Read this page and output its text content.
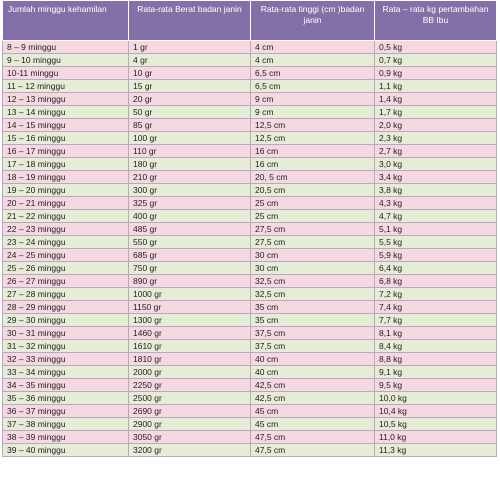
Jumlah minggu kehamilan	Rata-rata Berat badan janin	Rata-rata tinggi (cm )badan janin	Rata – rata kg pertambahan BB Ibu
8 – 9 minggu	1 gr	4 cm	0,5 kg
9 – 10 minggu	4 gr	4 cm	0,7 kg
10-11 minggu	10 gr	6,5 cm	0,9 kg
11 – 12 minggu	15 gr	6,5 cm	1,1 kg
12 – 13 minggu	20 gr	9 cm	1,4 kg
13 – 14 minggu	50 gr	9 cm	1,7 kg
14 – 15 minggu	85 gr	12,5 cm	2,0 kg
15 – 16 minggu	100 gr	12,5 cm	2,3 kg
16 – 17 minggu	110 gr	16 cm	2,7 kg
17 – 18 minggu	180 gr	16 cm	3,0 kg
18 – 19 minggu	210 gr	20, 5 cm	3,4 kg
19 – 20 minggu	300 gr	20,5 cm	3,8 kg
20 – 21 minggu	325 gr	25 cm	4,3 kg
21 – 22 minggu	400 gr	25 cm	4,7 kg
22 – 23 minggu	485 gr	27,5 cm	5,1 kg
23 – 24 minggu	550 gr	27,5 cm	5,5 kg
24 – 25 minggu	685 gr	30 cm	5,9 kg
25 – 26 minggu	750 gr	30 cm	6,4 kg
26 – 27 minggu	890 gr	32,5 cm	6,8 kg
27 – 28 minggu	1000 gr	32,5 cm	7,2 kg
28 – 29 minggu	1150 gr	35 cm	7,4 kg
29 – 30 minggu	1300 gr	35 cm	7,7 kg
30 – 31 minggu	1460 gr	37,5 cm	8,1 kg
31 – 32 minggu	1610 gr	37,5 cm	8,4 kg
32 – 33 minggu	1810 gr	40 cm	8,8 kg
33 – 34 minggu	2000 gr	40 cm	9,1 kg
34 – 35 minggu	2250 gr	42,5 cm	9,5 kg
35 – 36 minggu	2500 gr	42,5 cm	10,0 kg
36 – 37 minggu	2690 gr	45 cm	10,4 kg
37 – 38 minggu	2900 gr	45 cm	10,5 kg
38 – 39 minggu	3050 gr	47,5 cm	11,0 kg
39 – 40 minggu	3200 gr	47,5 cm	11,3 kg
